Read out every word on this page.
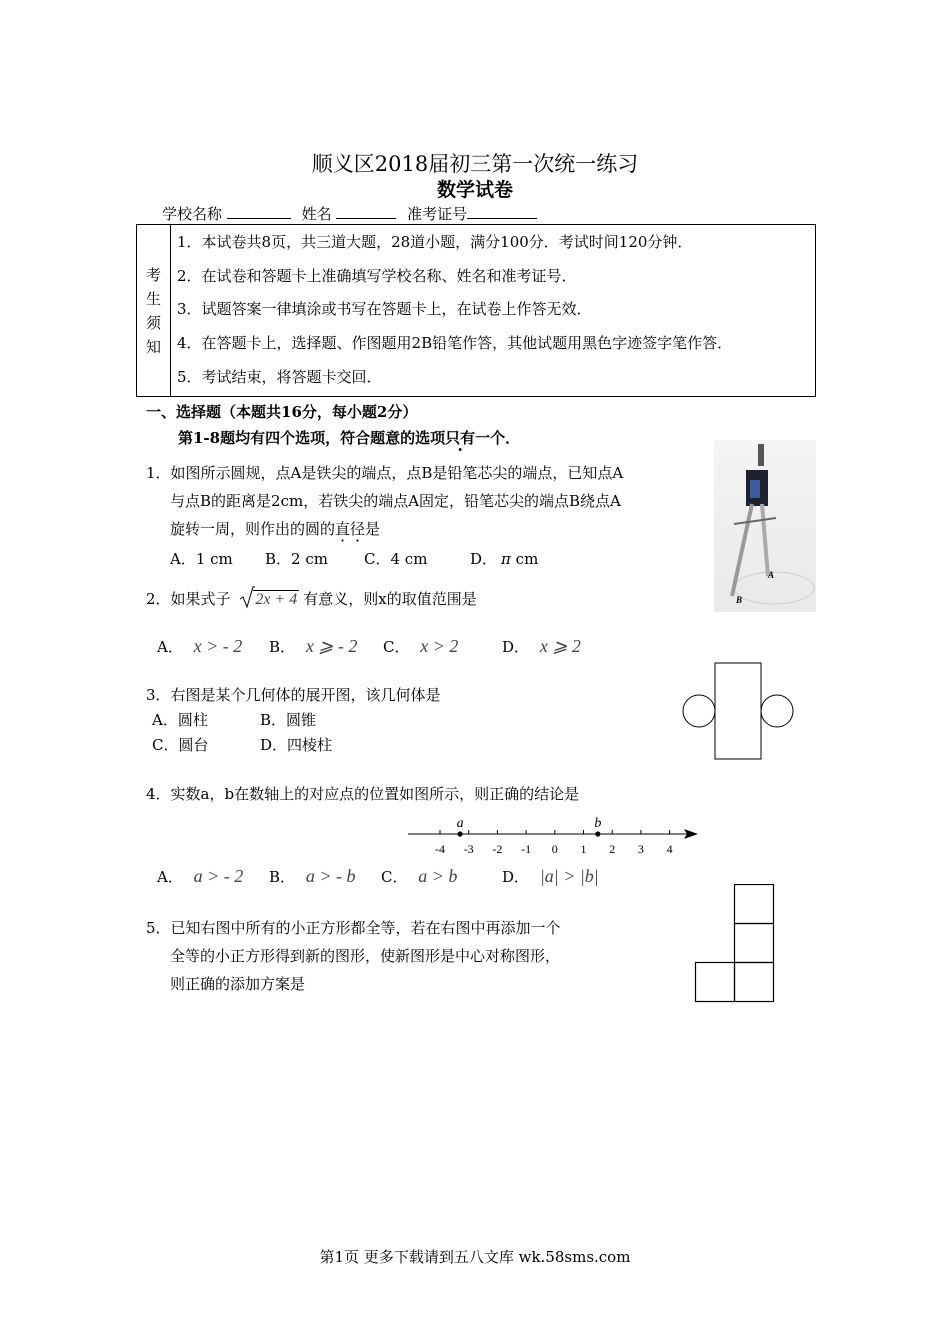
顺义区2018届初三第一次统一练习
数学试卷
学校名称	姓名	准考证号
考
生
须
知
1．本试卷共8页，共三道大题，28道小题，满分100分．考试时间120分钟．
2．在试卷和答题卡上准确填写学校名称、姓名和准考证号．
3．试题答案一律填涂或书写在答题卡上，在试卷上作答无效．
4．在答题卡上，选择题、作图题用2B铅笔作答，其他试题用黑色字迹签字笔作答．
5．考试结束，将答题卡交回．
一、选择题（本题共16分，每小题2分）
第1-8题均有四个选项，符合题意的选项只有一个．
1．如图所示圆规，点A是铁尖的端点，点B是铅笔芯尖的端点，已知点A
与点B的距离是2cm，若铁尖的端点A固定，铅笔芯尖的端点B绕点A
旋转一周，则作出的圆的直径是
A．1 cm B．2 cm C．4 cm	D． π cm
A
B
2．如果式子 2x + 4 有意义，则x的取值范围是
A． x > - 2 B． x ⩾ - 2 C． x > 2	D． x ⩾ 2
3．右图是某个几何体的展开图，该几何体是
A．圆柱	B．圆锥
C．圆台	D．四棱柱
4．实数a，b在数轴上的对应点的位置如图所示，则正确的结论是
-4 -3 -2 -1 0 1 2 3 4
a	b
A． a > - 2 B． a > - b C． a > b	D． |a| > |b|
5．已知右图中所有的小正方形都全等，若在右图中再添加一个
全等的小正方形得到新的图形，使新图形是中心对称图形，
则正确的添加方案是
第1页 更多下载请到五八文库 wk.58sms.com
